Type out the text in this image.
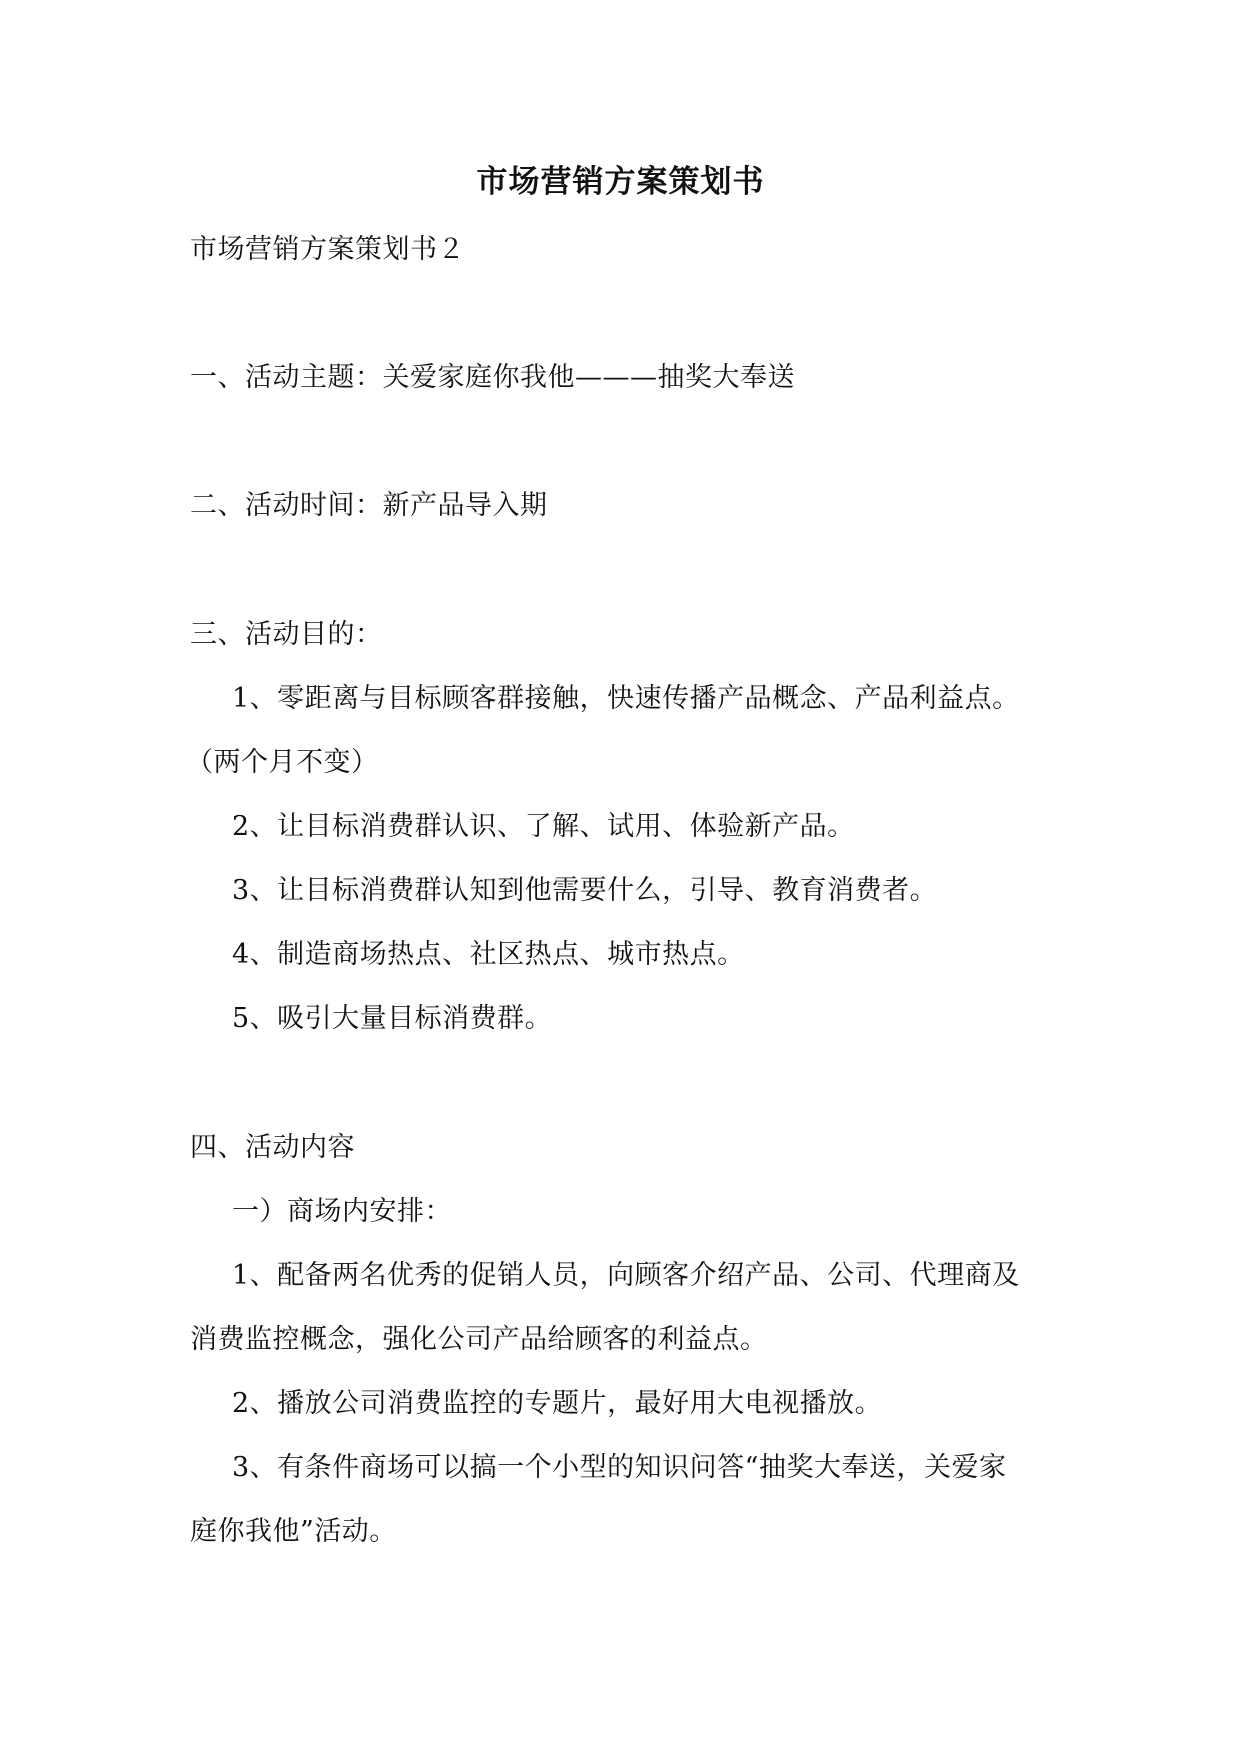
市场营销方案策划书
市场营销方案策划书２
一、活动主题：关爱家庭你我他———抽奖大奉送
二、活动时间：新产品导入期
三、活动目的：
1、零距离与目标顾客群接触，快速传播产品概念、产品利益点。
（两个月不变）
2、让目标消费群认识、了解、试用、体验新产品。
3、让目标消费群认知到他需要什么，引导、教育消费者。
4、制造商场热点、社区热点、城市热点。
5、吸引大量目标消费群。
四、活动内容
一）商场内安排：
1、配备两名优秀的促销人员，向顾客介绍产品、公司、代理商及
消费监控概念，强化公司产品给顾客的利益点。
2、播放公司消费监控的专题片，最好用大电视播放。
3、有条件商场可以搞一个小型的知识问答“抽奖大奉送，关爱家
庭你我他”活动。
